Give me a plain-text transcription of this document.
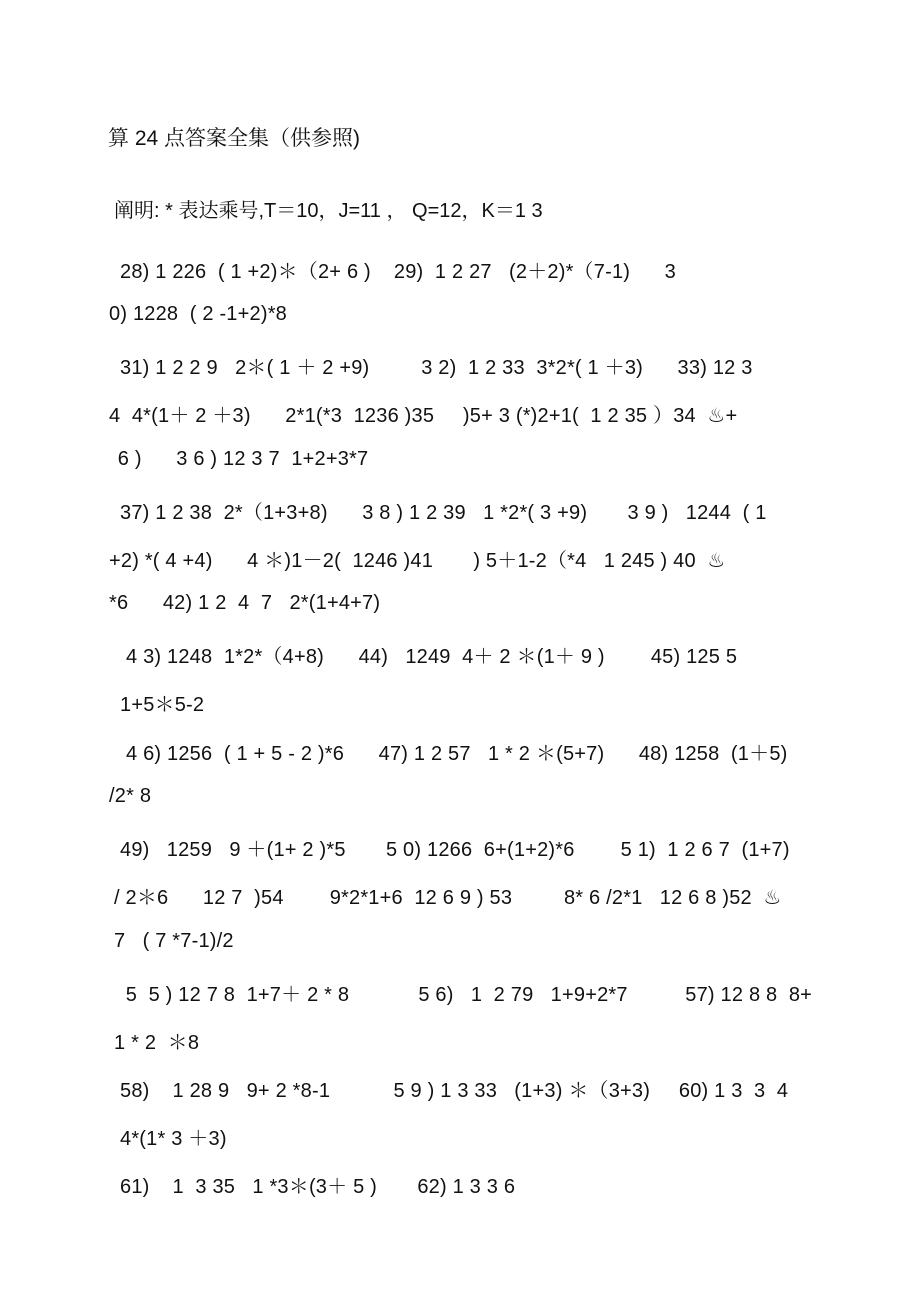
算 24 点答案全集（供参照)
阐明: * 表达乘号,T＝10，J=11 ， Q=12，K＝1 3
28) 1 226  ( 1 +2)＊（2+ 6 )    29)  1 2 27   (2＋2)*（7-1)      3
0) 1228  ( 2 -1+2)*8
31) 1 2 2 9   2＊( 1 ＋ 2 +9)         3 2)  1 2 33  3*2*( 1 ＋3)      33) 12 3
4  4*(1＋ 2 ＋3)      2*1(*3  1236 )35     )5+ 3 (*)2+1(  1 2 35 ）34  ♨+
6 )      3 6 ) 12 3 7  1+2+3*7
37) 1 2 38  2*（1+3+8)      3 8 ) 1 2 39   1 *2*( 3 +9)       3 9 )   1244  ( 1
+2) *( 4 +4)      4 ＊)1－2(  1246 )41       ) 5＋1-2（*4   1 245 ) 40  ♨
*6      42) 1 2  4  7   2*(1+4+7)
4 3) 1248  1*2*（4+8)      44)   1249  4＋ 2 ＊(1＋ 9 )        45) 125 5
1+5＊5-2
4 6) 1256  ( 1 + 5 - 2 )*6      47) 1 2 57   1 * 2 ＊(5+7)      48) 1258  (1＋5)
/2* 8
49)   1259   9 ＋(1+ 2 )*5       5 0) 1266  6+(1+2)*6        5 1)  1 2 6 7  (1+7)
/ 2＊6      12 7  )54        9*2*1+6  12 6 9 ) 53         8* 6 /2*1   12 6 8 )52  ♨
7   ( 7 *7-1)/2
5  5 ) 12 7 8  1+7＋ 2 * 8            5 6)   1  2 79   1+9+2*7          57) 12 8 8  8+
1 * 2  ＊8
58)    1 28 9   9+ 2 *8-1           5 9 ) 1 3 33   (1+3) ＊（3+3)     60) 1 3  3  4
4*(1* 3 ＋3)
61)    1  3 35   1 *3＊(3＋ 5 )       62) 1 3 3 6
